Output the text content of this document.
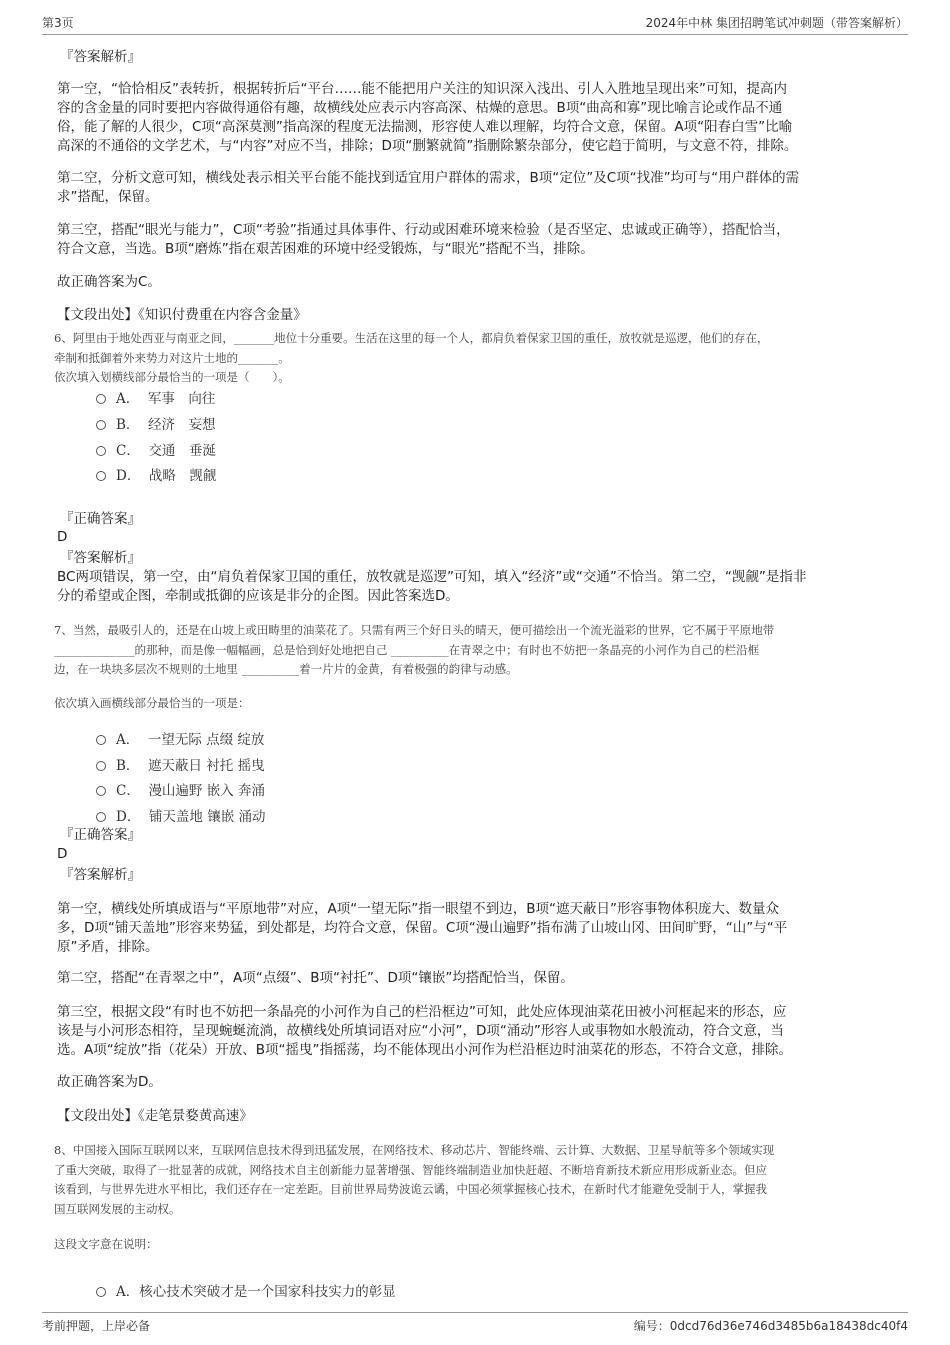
第3页	2024年中林 集团招聘笔试冲刺题（带答案解析）
『答案解析』
第一空，“恰恰相反”表转折，根据转折后“平台……能不能把用户关注的知识深入浅出、引人入胜地呈现出来”可知，提高内
容的含金量的同时要把内容做得通俗有趣，故横线处应表示内容高深、枯燥的意思。B项“曲高和寡”现比喻言论或作品不通
俗，能了解的人很少，C项“高深莫测”指高深的程度无法揣测，形容使人难以理解，均符合文意，保留。A项“阳春白雪”比喻
高深的不通俗的文学艺术，与“内容”对应不当，排除；D项“删繁就简”指删除繁杂部分，使它趋于简明，与文意不符，排除。
第二空，分析文意可知，横线处表示相关平台能不能找到适宜用户群体的需求，B项“定位”及C项“找准”均可与“用户群体的需
求”搭配，保留。
第三空，搭配“眼光与能力”，C项“考验”指通过具体事件、行动或困难环境来检验（是否坚定、忠诚或正确等），搭配恰当，
符合文意，当选。B项“磨炼”指在艰苦困难的环境中经受锻炼，与“眼光”搭配不当，排除。
故正确答案为C。
【文段出处】《知识付费重在内容含金量》
6、阿里由于地处西亚与南亚之间，_______地位十分重要。生活在这里的每一个人，都肩负着保家卫国的重任，放牧就是巡逻，他们的存在，
牵制和抵御着外来势力对这片土地的_______。
依次填入划横线部分最恰当的一项是（　　）。
A． 军事　向往
B． 经济　妄想
C． 交通　垂涎
D． 战略　觊觎
『正确答案』
D
『答案解析』
BC两项错误，第一空，由“肩负着保家卫国的重任，放牧就是巡逻”可知，填入“经济”或“交通”不恰当。第二空，“觊觎”是指非
分的希望或企图，牵制或抵御的应该是非分的企图。因此答案选D。
7、当然，最吸引人的，还是在山坡上或田畴里的油菜花了。只需有两三个好日头的晴天，便可描绘出一个流光溢彩的世界，它不属于平原地带
______________的那种，而是像一幅幅画，总是恰到好处地把自己 __________在青翠之中；有时也不妨把一条晶亮的小河作为自己的栏沿框
边，在一块块多层次不规则的土地里 __________着一片片的金黄，有着极强的韵律与动感。
依次填入画横线部分最恰当的一项是：
A． 一望无际 点缀 绽放
B． 遮天蔽日 衬托 摇曳
C． 漫山遍野 嵌入 奔涌
D． 铺天盖地 镶嵌 涌动
『正确答案』
D
『答案解析』
第一空，横线处所填成语与“平原地带”对应，A项“一望无际”指一眼望不到边，B项“遮天蔽日”形容事物体积庞大、数量众
多，D项“铺天盖地”形容来势猛，到处都是，均符合文意，保留。C项“漫山遍野”指布满了山坡山冈、田间旷野，“山”与“平
原”矛盾，排除。
第二空，搭配“在青翠之中”，A项“点缀”、B项“衬托”、D项“镶嵌”均搭配恰当，保留。
第三空，根据文段“有时也不妨把一条晶亮的小河作为自己的栏沿框边”可知，此处应体现油菜花田被小河框起来的形态，应
该是与小河形态相符，呈现蜿蜒流淌，故横线处所填词语对应“小河”，D项“涌动”形容人或事物如水般流动，符合文意，当
选。A项“绽放”指（花朵）开放、B项“摇曳”指摇荡，均不能体现出小河作为栏沿框边时油菜花的形态，不符合文意，排除。
故正确答案为D。
【文段出处】《走笔景婺黄高速》
8、中国接入国际互联网以来，互联网信息技术得到迅猛发展，在网络技术、移动芯片、智能终端、云计算、大数据、卫星导航等多个领域实现
了重大突破，取得了一批显著的成就，网络技术自主创新能力显著增强、智能终端制造业加快赶超、不断培育新技术新应用形成新业态。但应
该看到，与世界先进水平相比，我们还存在一定差距。目前世界局势波诡云谲，中国必须掌握核心技术，在新时代才能避免受制于人，掌握我
国互联网发展的主动权。
这段文字意在说明：
A．核心技术突破才是一个国家科技实力的彰显
考前押题，上岸必备	编号：0dcd76d36e746d3485b6a18438dc40f4
